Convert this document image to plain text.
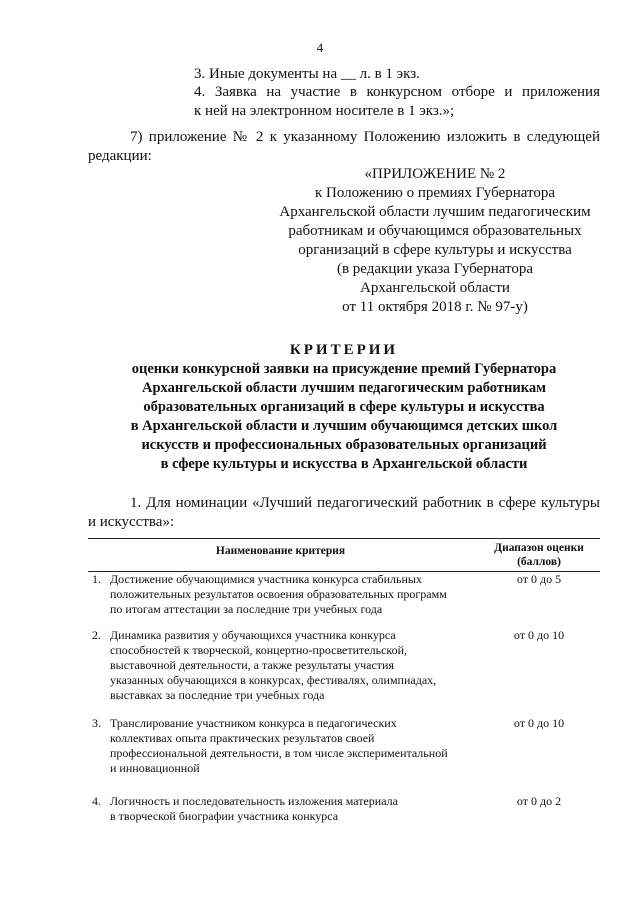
4
3. Иные документы на __ л. в 1 экз.
4. Заявка на участие в конкурсном отборе и приложения
к ней на электронном носителе в 1 экз.»;
7) приложение № 2 к указанному Положению изложить в следующей
редакции:
«ПРИЛОЖЕНИЕ № 2
к Положению о премиях Губернатора
Архангельской области лучшим педагогическим
работникам и обучающимся образовательных
организаций в сфере культуры и искусства
(в редакции указа Губернатора
Архангельской области
от 11 октября 2018 г. № 97-у)
КРИТЕРИИ
оценки конкурсной заявки на присуждение премий Губернатора
Архангельской области лучшим педагогическим работникам
образовательных организаций в сфере культуры и искусства
в Архангельской области и лучшим обучающимся детских школ
искусств и профессиональных образовательных организаций
в сфере культуры и искусства в Архангельской области
1. Для номинации «Лучший педагогический работник в сфере культуры
и искусства»:
Наименование критерия	Диапазон оценки
(баллов)
1. Достижение обучающимися участника конкурса стабильных
положительных результатов освоения образовательных программ
по итогам аттестации за последние три учебных года
от 0 до 5
2. Динамика развития у обучающихся участника конкурса
способностей к творческой, концертно-просветительской,
выставочной деятельности, а также результаты участия
указанных обучающихся в конкурсах, фестивалях, олимпиадах,
выставках за последние три учебных года
от 0 до 10
3. Транслирование участником конкурса в педагогических
коллективах опыта практических результатов своей
профессиональной деятельности, в том числе экспериментальной
и инновационной
от 0 до 10
4. Логичность и последовательность изложения материала
в творческой биографии участника конкурса
от 0 до 2
